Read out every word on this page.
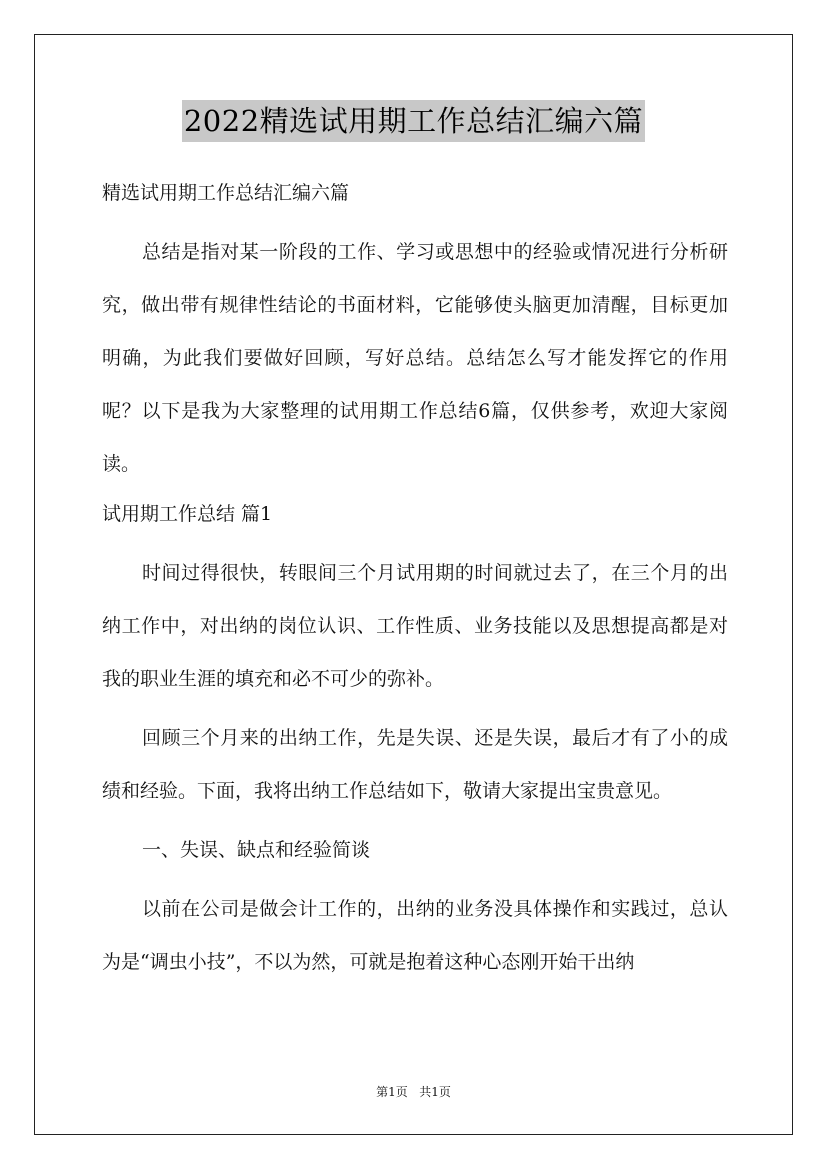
2022精选试用期工作总结汇编六篇

精选试用期工作总结汇编六篇

总结是指对某一阶段的工作、学习或思想中的经验或情况进行分析研究，做出带有规律性结论的书面材料，它能够使头脑更加清醒，目标更加明确，为此我们要做好回顾，写好总结。总结怎么写才能发挥它的作用呢？以下是我为大家整理的试用期工作总结6篇，仅供参考，欢迎大家阅读。

试用期工作总结 篇1

时间过得很快，转眼间三个月试用期的时间就过去了，在三个月的出纳工作中，对出纳的岗位认识、工作性质、业务技能以及思想提高都是对我的职业生涯的填充和必不可少的弥补。

回顾三个月来的出纳工作，先是失误、还是失误，最后才有了小的成绩和经验。下面，我将出纳工作总结如下，敬请大家提出宝贵意见。

一、失误、缺点和经验简谈

以前在公司是做会计工作的，出纳的业务没具体操作和实践过，总认为是“调虫小技”，不以为然，可就是抱着这种心态刚开始干出纳

第1页 共1页
